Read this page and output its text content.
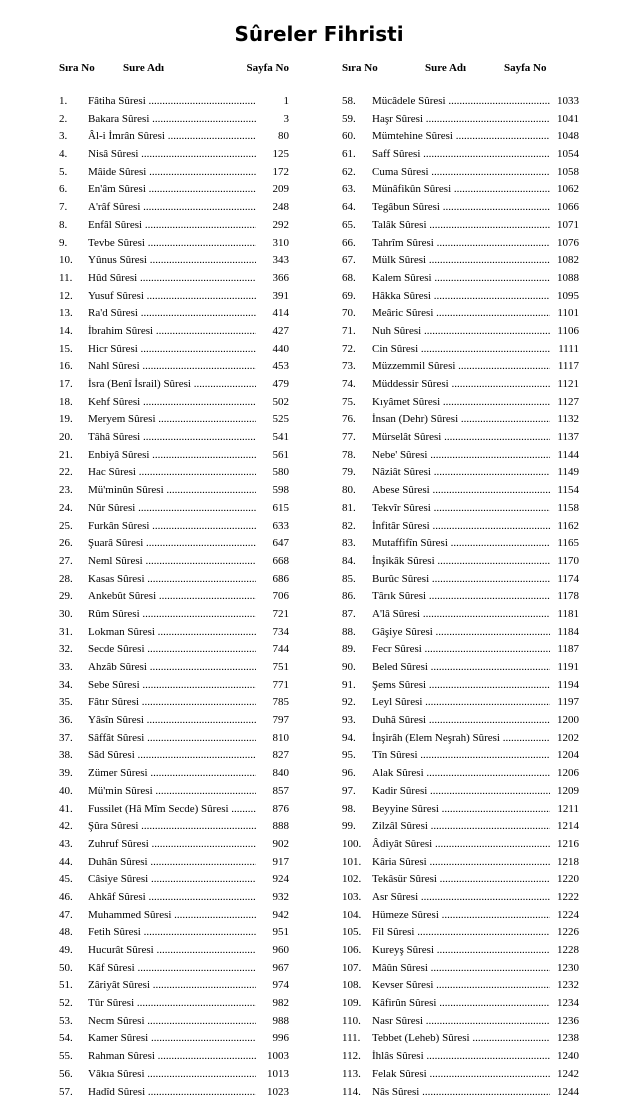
Sûreler Fihristi
Sıra No	Sure Adı	Sayfa No
1. Fâtiha Sûresi .....	1
2. Bakara Sûresi .....	3
3. Âl-i İmrân Sûresi .....	80
4. Nisâ Sûresi .....	125
5. Mâide Sûresi .....	172
6. En'âm Sûresi .....	209
7. A'râf Sûresi .....	248
8. Enfâl Sûresi .....	292
9. Tevbe Sûresi .....	310
10. Yûnus Sûresi .....	343
11. Hûd Sûresi .....	366
12. Yusuf Sûresi .....	391
13. Ra'd Sûresi .....	414
14. İbrahim Sûresi .....	427
15. Hicr Sûresi .....	440
16. Nahl Sûresi .....	453
17. İsra (Benî İsrail) Sûresi .....	479
18. Kehf Sûresi .....	502
19. Meryem Sûresi .....	525
20. Tâhâ Sûresi .....	541
21. Enbiyâ Sûresi .....	561
22. Hac Sûresi .....	580
23. Mü'minûn Sûresi .....	598
24. Nûr Sûresi .....	615
25. Furkân Sûresi .....	633
26. Şuarâ Sûresi .....	647
27. Neml Sûresi .....	668
28. Kasas Sûresi .....	686
29. Ankebût Sûresi .....	706
30. Rûm Sûresi .....	721
31. Lokman Sûresi .....	734
32. Secde Sûresi .....	744
33. Ahzâb Sûresi .....	751
34. Sebe Sûresi .....	771
35. Fâtır Sûresi .....	785
36. Yâsîn Sûresi .....	797
37. Sâffât Sûresi .....	810
38. Sâd Sûresi .....	827
39. Zümer Sûresi .....	840
40. Mü'min Sûresi .....	857
41. Fussilet (Hâ Mîm Secde) Sûresi .....	876
42. Şûra Sûresi .....	888
43. Zuhruf Sûresi .....	902
44. Duhân Sûresi .....	917
45. Câsiye Sûresi .....	924
46. Ahkâf Sûresi .....	932
47. Muhammed Sûresi .....	942
48. Fetih Sûresi .....	951
49. Hucurât Sûresi .....	960
50. Kâf Sûresi .....	967
51. Zâriyât Sûresi .....	974
52. Tûr Sûresi .....	982
53. Necm Sûresi .....	988
54. Kamer Sûresi .....	996
55. Rahman Sûresi .....	1003
56. Vâkıa Sûresi .....	1013
57. Hadîd Sûresi .....	1023
Sıra No	Sure Adı	Sayfa No
58. Mücâdele Sûresi .....	1033
59. Haşr Sûresi .....	1041
60. Mümtehine Sûresi .....	1048
61. Saff Sûresi .....	1054
62. Cuma Sûresi .....	1058
63. Münâfikûn Sûresi .....	1062
64. Tegâbun Sûresi .....	1066
65. Talâk Sûresi .....	1071
66. Tahrîm Sûresi .....	1076
67. Mülk Sûresi .....	1082
68. Kalem Sûresi .....	1088
69. Hâkka Sûresi .....	1095
70. Meâric Sûresi .....	1101
71. Nuh Sûresi .....	1106
72. Cin Sûresi .....	1111
73. Müzzemmil Sûresi .....	1117
74. Müddessir Sûresi .....	1121
75. Kıyâmet Sûresi .....	1127
76. İnsan (Dehr) Sûresi .....	1132
77. Mürselât Sûresi .....	1137
78. Nebe' Sûresi .....	1144
79. Nâziât Sûresi .....	1149
80. Abese Sûresi .....	1154
81. Tekvîr Sûresi .....	1158
82. İnfitâr Sûresi .....	1162
83. Mutaffifîn Sûresi .....	1165
84. İnşikâk Sûresi .....	1170
85. Burûc Sûresi .....	1174
86. Târık Sûresi .....	1178
87. A'lâ Sûresi .....	1181
88. Gâşiye Sûresi .....	1184
89. Fecr Sûresi .....	1187
90. Beled Sûresi .....	1191
91. Şems Sûresi .....	1194
92. Leyl Sûresi .....	1197
93. Duhâ Sûresi .....	1200
94. İnşirâh (Elem Neşrah) Sûresi .....	1202
95. Tîn Sûresi .....	1204
96. Alak Sûresi .....	1206
97. Kadir Sûresi .....	1209
98. Beyyine Sûresi .....	1211
99. Zilzâl Sûresi .....	1214
100. Âdiyât Sûresi .....	1216
101. Kâria Sûresi .....	1218
102. Tekâsür Sûresi .....	1220
103. Asr Sûresi .....	1222
104. Hümeze Sûresi .....	1224
105. Fil Sûresi .....	1226
106. Kureyş Sûresi .....	1228
107. Mâûn Sûresi .....	1230
108. Kevser Sûresi .....	1232
109. Kâfirûn Sûresi .....	1234
110. Nasr Sûresi .....	1236
111. Tebbet (Leheb) Sûresi .....	1238
112. İhlâs Sûresi .....	1240
113. Felak Sûresi .....	1242
114. Nâs Sûresi .....	1244
